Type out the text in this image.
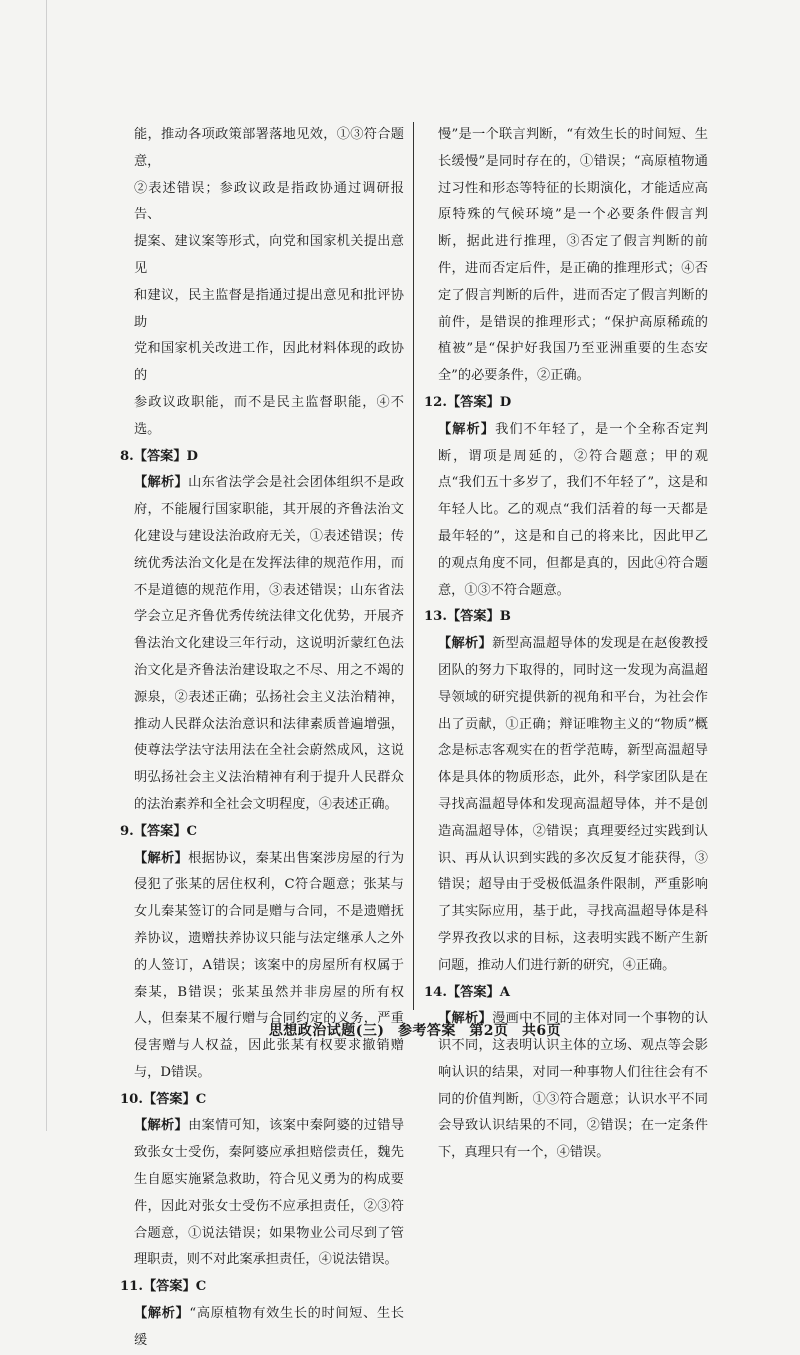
能，推动各项政策部署落地见效，①③符合题意，
②表述错误；参政议政是指政协通过调研报告、
提案、建议案等形式，向党和国家机关提出意见
和建议，民主监督是指通过提出意见和批评协助
党和国家机关改进工作，因此材料体现的政协的
参政议政职能，而不是民主监督职能，④不选。
8.【答案】D
【解析】山东省法学会是社会团体组织不是政府，不能履行国家职能，其开展的齐鲁法治文化建设与建设法治政府无关，①表述错误；传统优秀法治文化是在发挥法律的规范作用，而不是道德的规范作用，③表述错误；山东省法学会立足齐鲁优秀传统法律文化优势，开展齐鲁法治文化建设三年行动，这说明沂蒙红色法治文化是齐鲁法治建设取之不尽、用之不竭的源泉，②表述正确；弘扬社会主义法治精神，推动人民群众法治意识和法律素质普遍增强，使尊法学法守法用法在全社会蔚然成风，这说明弘扬社会主义法治精神有利于提升人民群众的法治素养和全社会文明程度，④表述正确。
9.【答案】C
【解析】根据协议，秦某出售案涉房屋的行为侵犯了张某的居住权利，C符合题意；张某与女儿秦某签订的合同是赠与合同，不是遗赠抚养协议，遗赠扶养协议只能与法定继承人之外的人签订，A错误；该案中的房屋所有权属于秦某，B错误；张某虽然并非房屋的所有权人，但秦某不履行赠与合同约定的义务，严重侵害赠与人权益，因此张某有权要求撤销赠与，D错误。
10.【答案】C
【解析】由案情可知，该案中秦阿婆的过错导致张女士受伤，秦阿婆应承担赔偿责任，魏先生自愿实施紧急救助，符合见义勇为的构成要件，因此对张女士受伤不应承担责任，②③符合题意，①说法错误；如果物业公司尽到了管理职责，则不对此案承担责任，④说法错误。
11.【答案】C
【解析】“高原植物有效生长的时间短、生长缓
慢”是一个联言判断，“有效生长的时间短、生长缓慢”是同时存在的，①错误；“高原植物通过习性和形态等特征的长期演化，才能适应高原特殊的气候环境”是一个必要条件假言判断，据此进行推理，③否定了假言判断的前件，进而否定后件，是正确的推理形式；④否定了假言判断的后件，进而否定了假言判断的前件，是错误的推理形式；“保护高原稀疏的植被”是“保护好我国乃至亚洲重要的生态安全”的必要条件，②正确。
12.【答案】D
【解析】我们不年轻了，是一个全称否定判断，谓项是周延的，②符合题意；甲的观点“我们五十多岁了，我们不年轻了”，这是和年轻人比。乙的观点“我们活着的每一天都是最年轻的”，这是和自己的将来比，因此甲乙的观点角度不同，但都是真的，因此④符合题意，①③不符合题意。
13.【答案】B
【解析】新型高温超导体的发现是在赵俊教授团队的努力下取得的，同时这一发现为高温超导领域的研究提供新的视角和平台，为社会作出了贡献，①正确；辩证唯物主义的“物质”概念是标志客观实在的哲学范畴，新型高温超导体是具体的物质形态，此外，科学家团队是在寻找高温超导体和发现高温超导体，并不是创造高温超导体，②错误；真理要经过实践到认识、再从认识到实践的多次反复才能获得，③错误；超导由于受极低温条件限制，严重影响了其实际应用，基于此，寻找高温超导体是科学界孜孜以求的目标，这表明实践不断产生新问题，推动人们进行新的研究，④正确。
14.【答案】A
【解析】漫画中不同的主体对同一个事物的认识不同，这表明认识主体的立场、观点等会影响认识的结果，对同一种事物人们往往会有不同的价值判断，①③符合题意；认识水平不同会导致认识结果的不同，②错误；在一定条件下，真理只有一个，④错误。
思想政治试题(三) 参考答案 第2页 共6页
